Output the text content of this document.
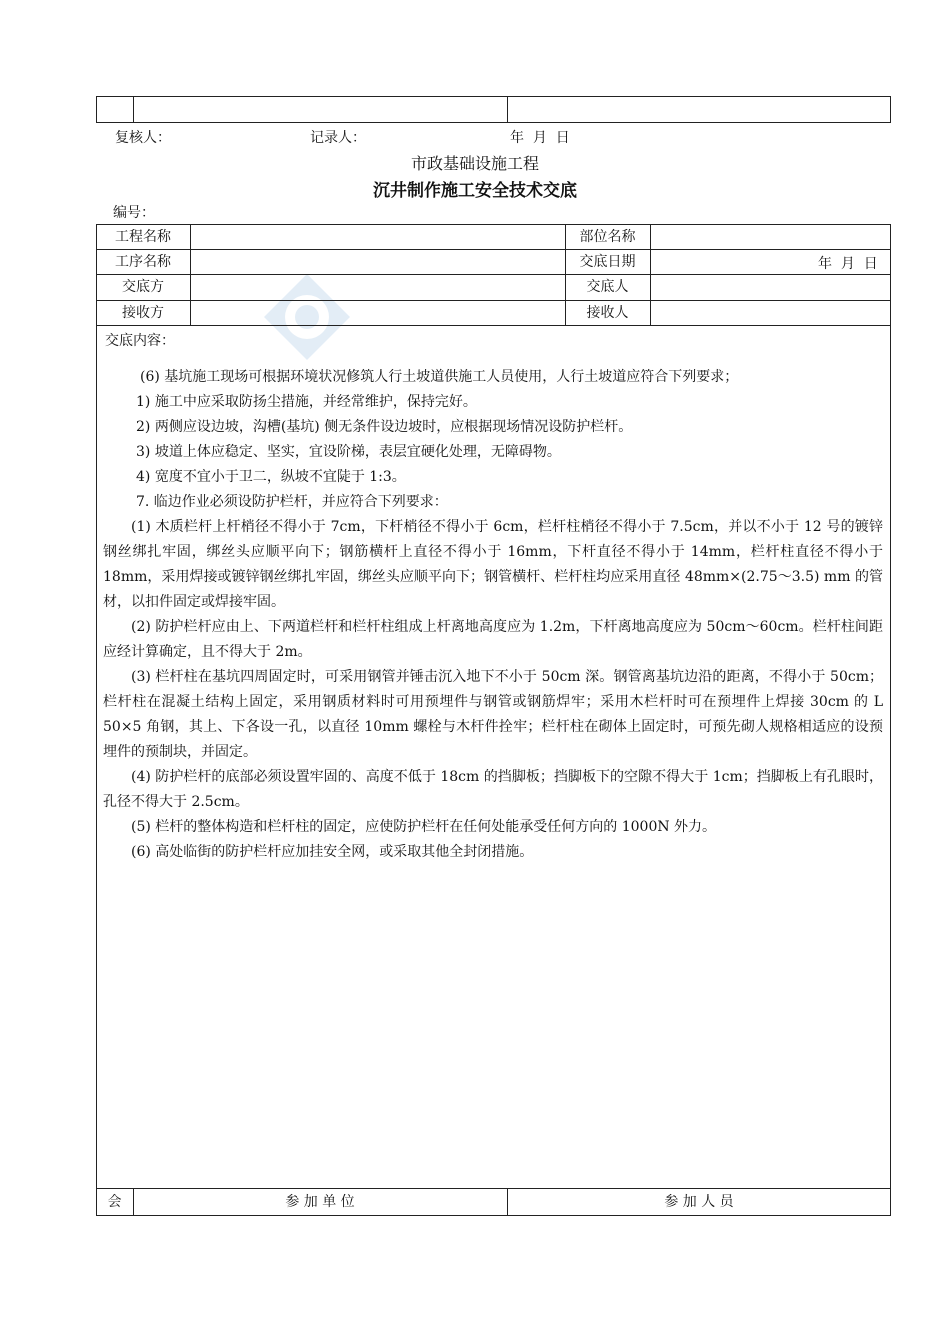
复核人：	记录人：	年  月  日
市政基础设施工程
沉井制作施工安全技术交底
编号：
工程名称	部位名称
工序名称	交底日期	年  月  日
交底方	交底人
接收方	接收人
交底内容：
(6) 基坑施工现场可根据环境状况修筑人行土坡道供施工人员使用，人行土坡道应符合下列要求；
1) 施工中应采取防扬尘措施，并经常维护，保持完好。
2) 两侧应设边坡，沟槽(基坑) 侧无条件设边坡时，应根据现场情况设防护栏杆。
3) 坡道上体应稳定、坚实，宜设阶梯，表层宜硬化处理，无障碍物。
4) 宽度不宜小于卫二，纵坡不宜陡于 1:3。
7. 临边作业必须设防护栏杆，并应符合下列要求：
(1) 木质栏杆上杆梢径不得小于 7cm，下杆梢径不得小于 6cm，栏杆柱梢径不得小于 7.5cm，并以不小于 12 号的镀锌钢丝绑扎牢固，绑丝头应顺平向下；钢筋横杆上直径不得小于 16mm，下杆直径不得小于 14mm，栏杆柱直径不得小于 18mm，采用焊接或镀锌钢丝绑扎牢固，绑丝头应顺平向下；钢管横杆、栏杆柱均应采用直径 48mm×(2.75～3.5) mm 的管材，以扣件固定或焊接牢固。
(2) 防护栏杆应由上、下两道栏杆和栏杆柱组成上杆离地高度应为 1.2m，下杆离地高度应为 50cm～60cm。栏杆柱间距应经计算确定，且不得大于 2m。
(3) 栏杆柱在基坑四周固定时，可采用钢管并锤击沉入地下不小于 50cm 深。钢管离基坑边沿的距离，不得小于 50cm；栏杆柱在混凝土结构上固定，采用钢质材料时可用预埋件与钢管或钢筋焊牢；采用木栏杆时可在预埋件上焊接 30cm 的 L 50×5 角钢，其上、下各设一孔，以直径 10mm 螺栓与木杆件拴牢；栏杆柱在砌体上固定时，可预先砌人规格相适应的设预埋件的预制块，并固定。
(4) 防护栏杆的底部必须设置牢固的、高度不低于 18cm 的挡脚板；挡脚板下的空隙不得大于 1cm；挡脚板上有孔眼时，孔径不得大于 2.5cm。
(5) 栏杆的整体构造和栏杆柱的固定，应使防护栏杆在任何处能承受任何方向的 1000N 外力。
(6) 高处临街的防护栏杆应加挂安全网，或采取其他全封闭措施。
会	参 加 单 位	参 加 人 员
